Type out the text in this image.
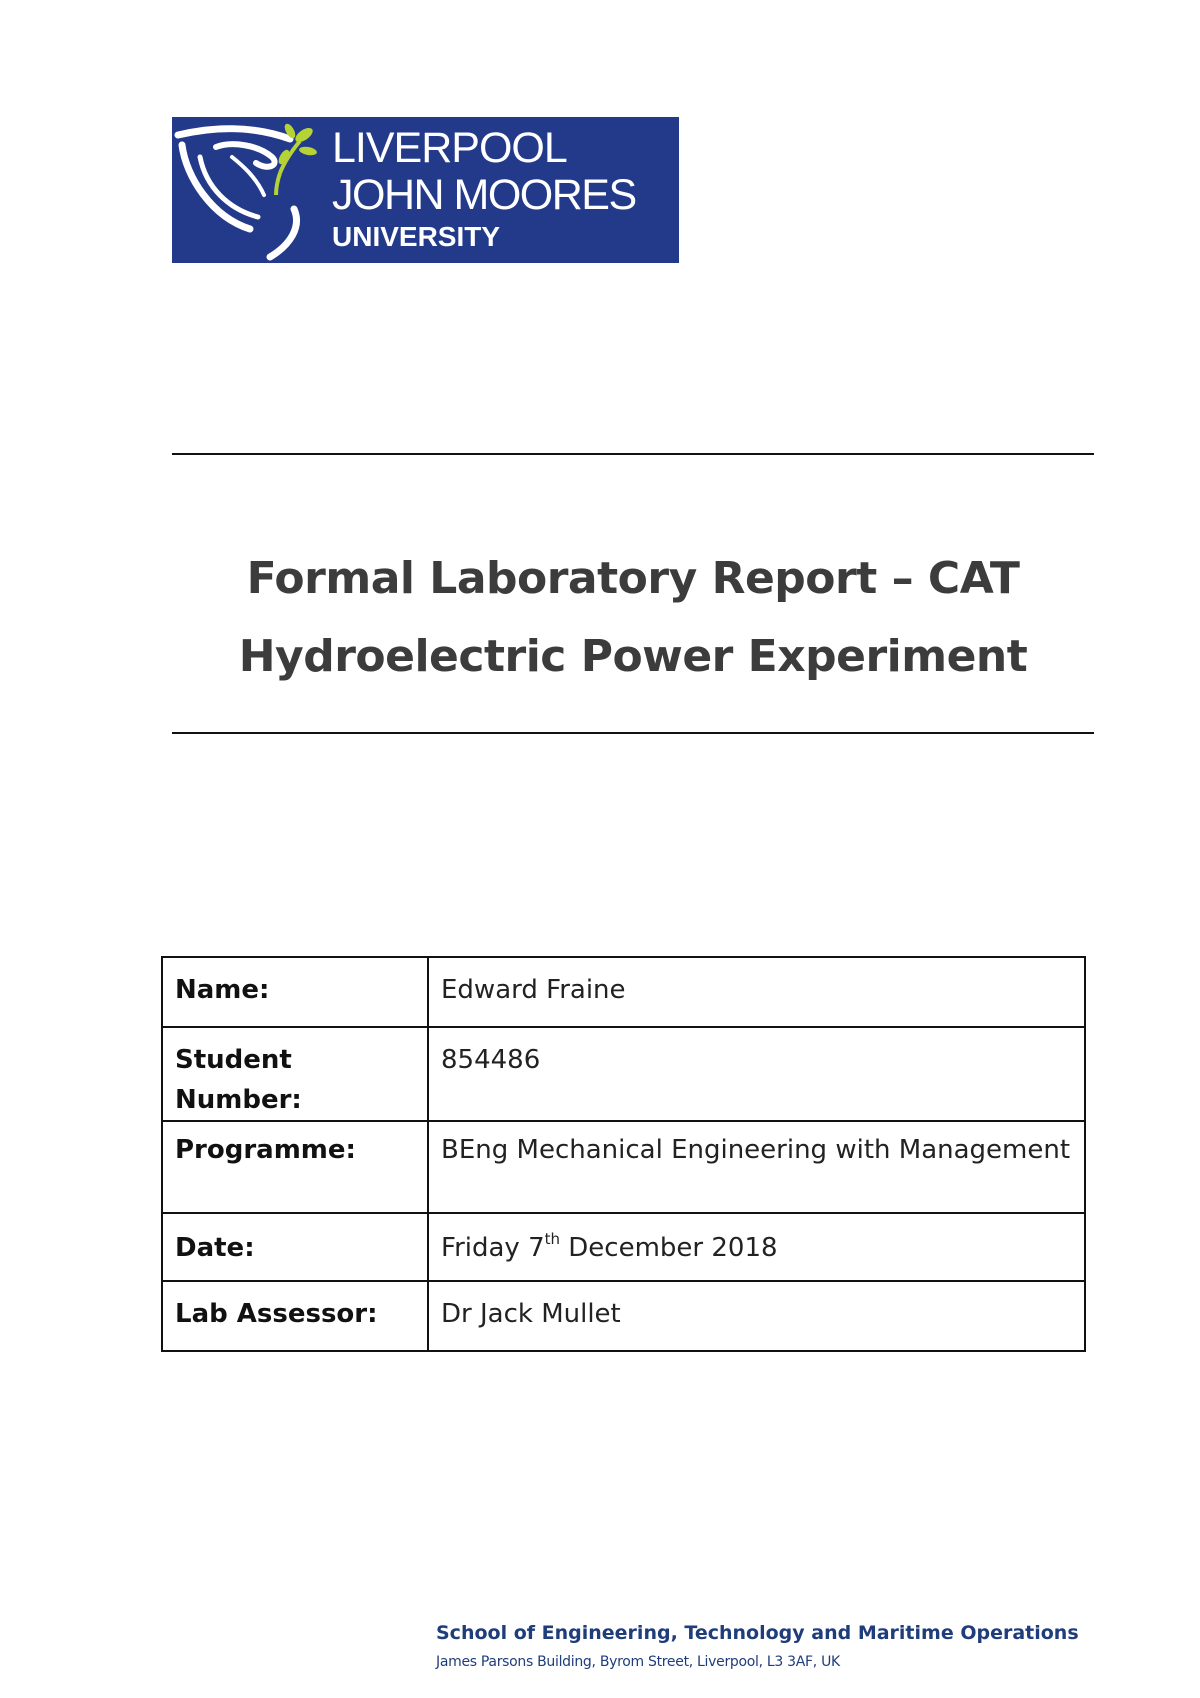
LIVERPOOL
JOHN MOORES
UNIVERSITY
Formal Laboratory Report – CAT
Hydroelectric Power Experiment
Name:	Edward Fraine
Student Number:	854486
Programme:	BEng Mechanical Engineering with Management
Date:	Friday 7th December 2018
Lab Assessor:	Dr Jack Mullet
School of Engineering, Technology and Maritime Operations
James Parsons Building, Byrom Street, Liverpool, L3 3AF, UK
